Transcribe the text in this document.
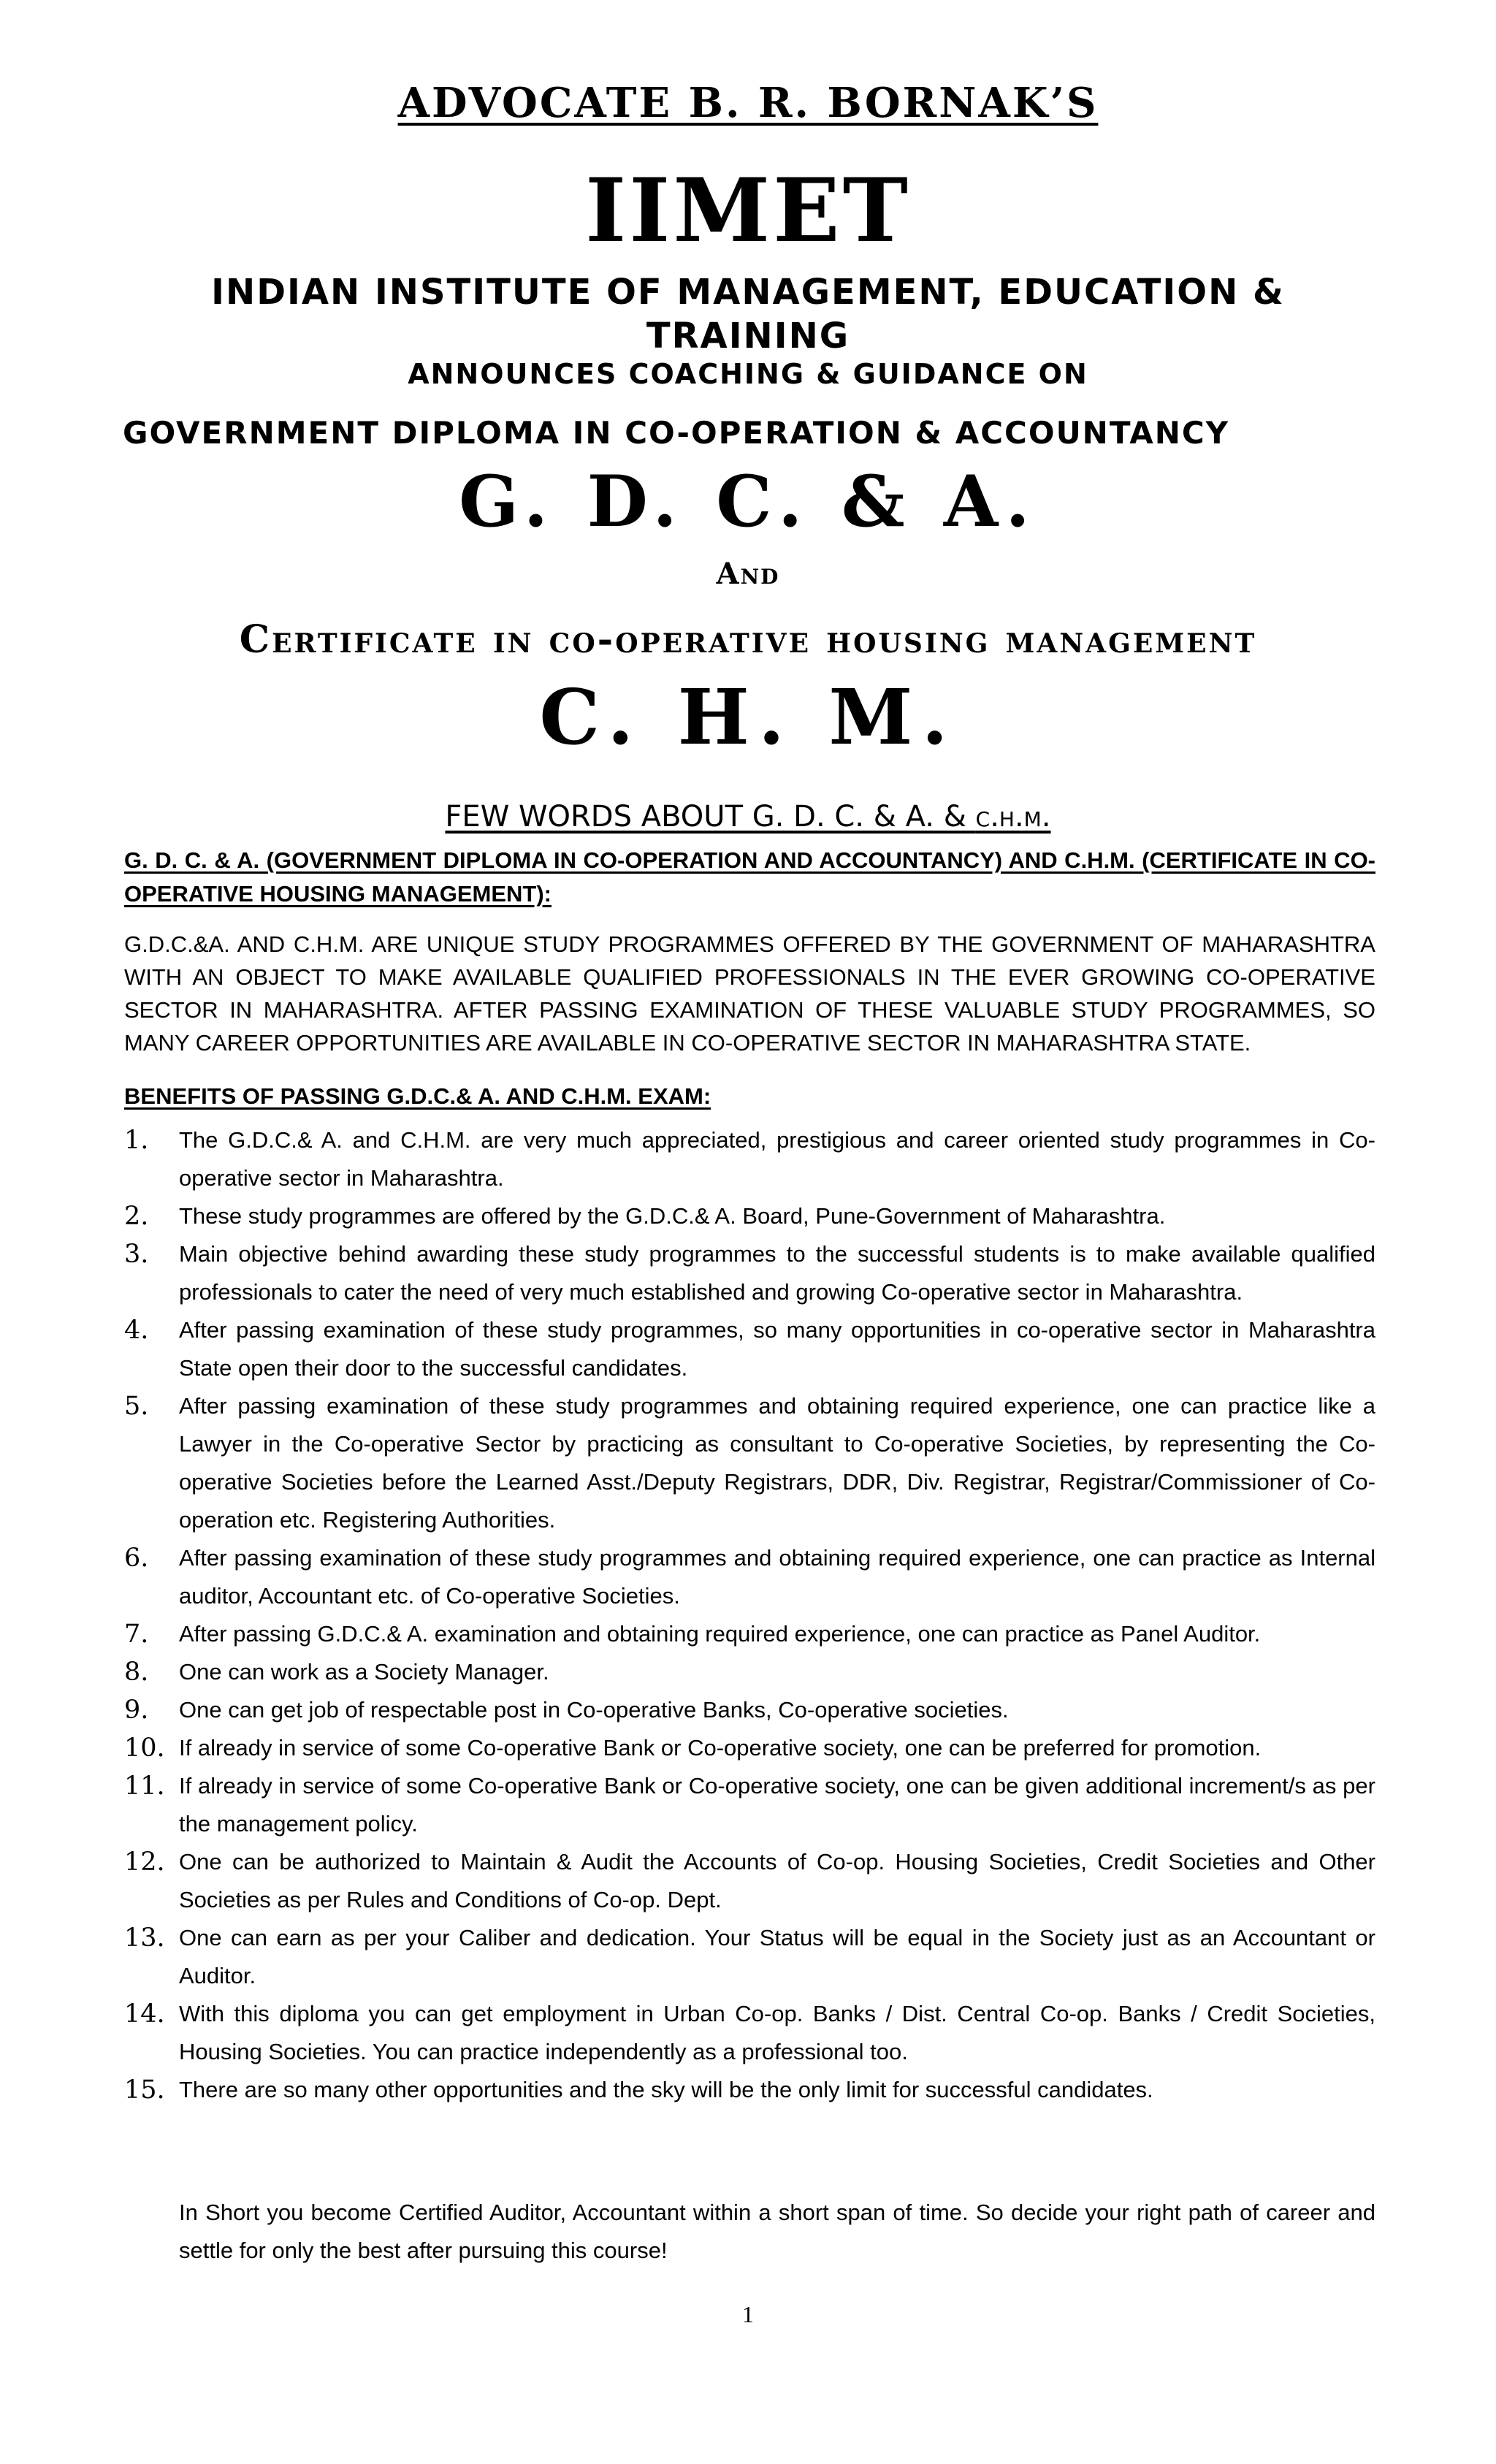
ADVOCATE B. R. BORNAK’S
IIMET
INDIAN INSTITUTE OF MANAGEMENT, EDUCATION & TRAINING
ANNOUNCES COACHING & GUIDANCE ON
GOVERNMENT DIPLOMA IN CO-OPERATION & ACCOUNTANCY
G. D. C. & A.
And
Certificate in co-operative housing management
C. H. M.
FEW WORDS ABOUT G. D. C. & A. & c.h.m.
G. D. C. & A. (GOVERNMENT DIPLOMA IN CO-OPERATION AND ACCOUNTANCY) AND C.H.M. (CERTIFICATE IN CO-OPERATIVE HOUSING MANAGEMENT):
G.D.C.&A. AND C.H.M. ARE UNIQUE STUDY PROGRAMMES OFFERED BY THE GOVERNMENT OF MAHARASHTRA WITH AN OBJECT TO MAKE AVAILABLE QUALIFIED PROFESSIONALS IN THE EVER GROWING CO-OPERATIVE SECTOR IN MAHARASHTRA. AFTER PASSING EXAMINATION OF THESE VALUABLE STUDY PROGRAMMES, SO MANY CAREER OPPORTUNITIES ARE AVAILABLE IN CO-OPERATIVE SECTOR IN MAHARASHTRA STATE.
BENEFITS OF PASSING G.D.C.& A. AND C.H.M. EXAM:
1. The G.D.C.& A. and C.H.M. are very much appreciated, prestigious and career oriented study programmes in Co-operative sector in Maharashtra.
2. These study programmes are offered by the G.D.C.& A. Board, Pune-Government of Maharashtra.
3. Main objective behind awarding these study programmes to the successful students is to make available qualified professionals to cater the need of very much established and growing Co-operative sector in Maharashtra.
4. After passing examination of these study programmes, so many opportunities in co-operative sector in Maharashtra State open their door to the successful candidates.
5. After passing examination of these study programmes and obtaining required experience, one can practice like a Lawyer in the Co-operative Sector by practicing as consultant to Co-operative Societies, by representing the Co-operative Societies before the Learned Asst./Deputy Registrars, DDR, Div. Registrar, Registrar/Commissioner of Co-operation etc. Registering Authorities.
6. After passing examination of these study programmes and obtaining required experience, one can practice as Internal auditor, Accountant etc. of Co-operative Societies.
7. After passing G.D.C.& A. examination and obtaining required experience, one can practice as Panel Auditor.
8. One can work as a Society Manager.
9. One can get job of respectable post in Co-operative Banks, Co-operative societies.
10. If already in service of some Co-operative Bank or Co-operative society, one can be preferred for promotion.
11. If already in service of some Co-operative Bank or Co-operative society, one can be given additional increment/s as per the management policy.
12. One can be authorized to Maintain & Audit the Accounts of Co-op. Housing Societies, Credit Societies and Other Societies as per Rules and Conditions of Co-op. Dept.
13. One can earn as per your Caliber and dedication. Your Status will be equal in the Society just as an Accountant or Auditor.
14. With this diploma you can get employment in Urban Co-op. Banks / Dist. Central Co-op. Banks / Credit Societies, Housing Societies. You can practice independently as a professional too.
15. There are so many other opportunities and the sky will be the only limit for successful candidates.
In Short you become Certified Auditor, Accountant within a short span of time. So decide your right path of career and settle for only the best after pursuing this course!
1
